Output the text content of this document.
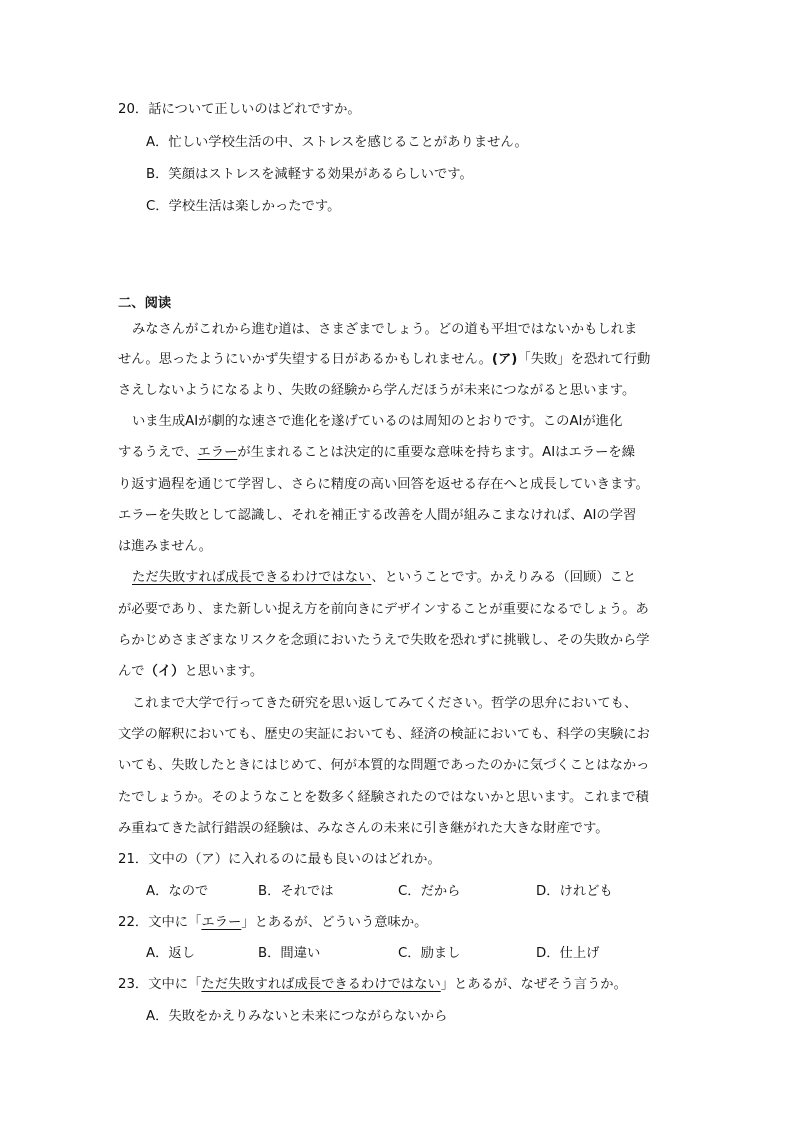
20．話について正しいのはどれですか。
A．忙しい学校生活の中、ストレスを感じることがありません。
B．笑顔はストレスを減軽する効果があるらしいです。
C．学校生活は楽しかったです。
二、阅读
みなさんがこれから進む道は、さまざまでしょう。どの道も平坦ではないかもしれま
せん。思ったようにいかず失望する日があるかもしれません。(ア)「失敗」を恐れて行動
さえしないようになるより、失敗の経験から学んだほうが未来につながると思います。
いま生成AIが劇的な速さで進化を遂げているのは周知のとおりです。このAIが進化
するうえで、エラーが生まれることは決定的に重要な意味を持ちます。AIはエラーを繰
り返す過程を通じて学習し、さらに精度の高い回答を返せる存在へと成長していきます。
エラーを失敗として認識し、それを補正する改善を人間が組みこまなければ、AIの学習
は進みません。
ただ失敗すれば成長できるわけではない、ということです。かえりみる（回顾）こと
が必要であり、また新しい捉え方を前向きにデザインすることが重要になるでしょう。あ
らかじめさまざまなリスクを念頭においたうえで失敗を恐れずに挑戦し、その失敗から学
んで（イ）と思います。
これまで大学で行ってきた研究を思い返してみてください。哲学の思弁においても、
文学の解釈においても、歴史の実証においても、経済の検証においても、科学の実験にお
いても、失敗したときにはじめて、何が本質的な問題であったのかに気づくことはなかっ
たでしょうか。そのようなことを数多く経験されたのではないかと思います。これまで積
み重ねてきた試行錯誤の経験は、みなさんの未来に引き継がれた大きな財産です。
21．文中の（ア）に入れるのに最も良いのはどれか。
A．なので	B．それでは	C．だから	D．けれども
22．文中に「エラー」とあるが、どういう意味か。
A．返し	B．間違い	C．励まし	D．仕上げ
23．文中に「ただ失敗すれば成長できるわけではない」とあるが、なぜそう言うか。
A．失敗をかえりみないと未来につながらないから
